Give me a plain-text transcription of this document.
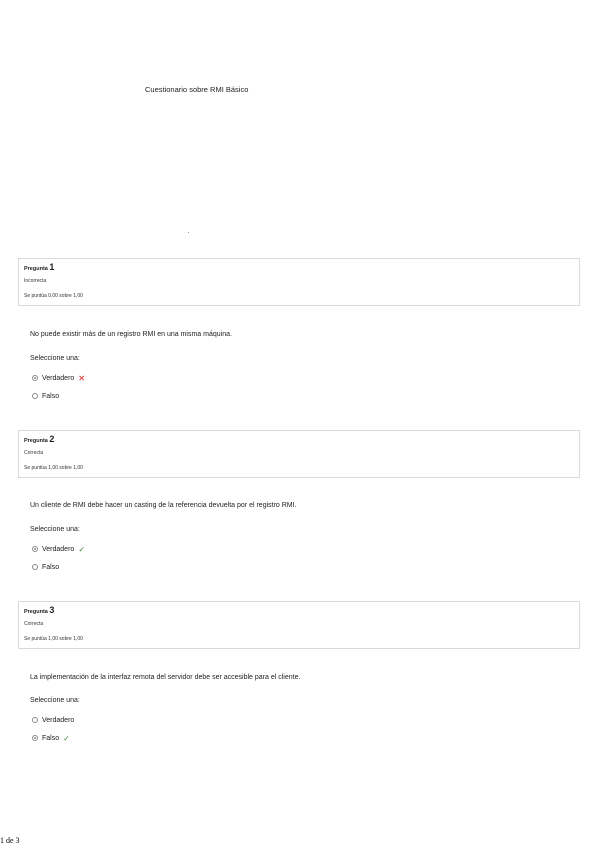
Cuestionario sobre RMI Básico
Pregunta 1
Incorrecta
Se puntúa 0,00 sobre 1,00
No puede existir más de un registro RMI en una misma máquina.
Seleccione una:
Verdadero ✕
Falso
Pregunta 2
Correcta
Se puntúa 1,00 sobre 1,00
Un cliente de RMI debe hacer un casting de la referencia devuelta por el registro RMI.
Seleccione una:
Verdadero ✓
Falso
Pregunta 3
Correcta
Se puntúa 1,00 sobre 1,00
La implementación de la interfaz remota del servidor debe ser accesible para el cliente.
Seleccione una:
Verdadero
Falso ✓
1 de 3
